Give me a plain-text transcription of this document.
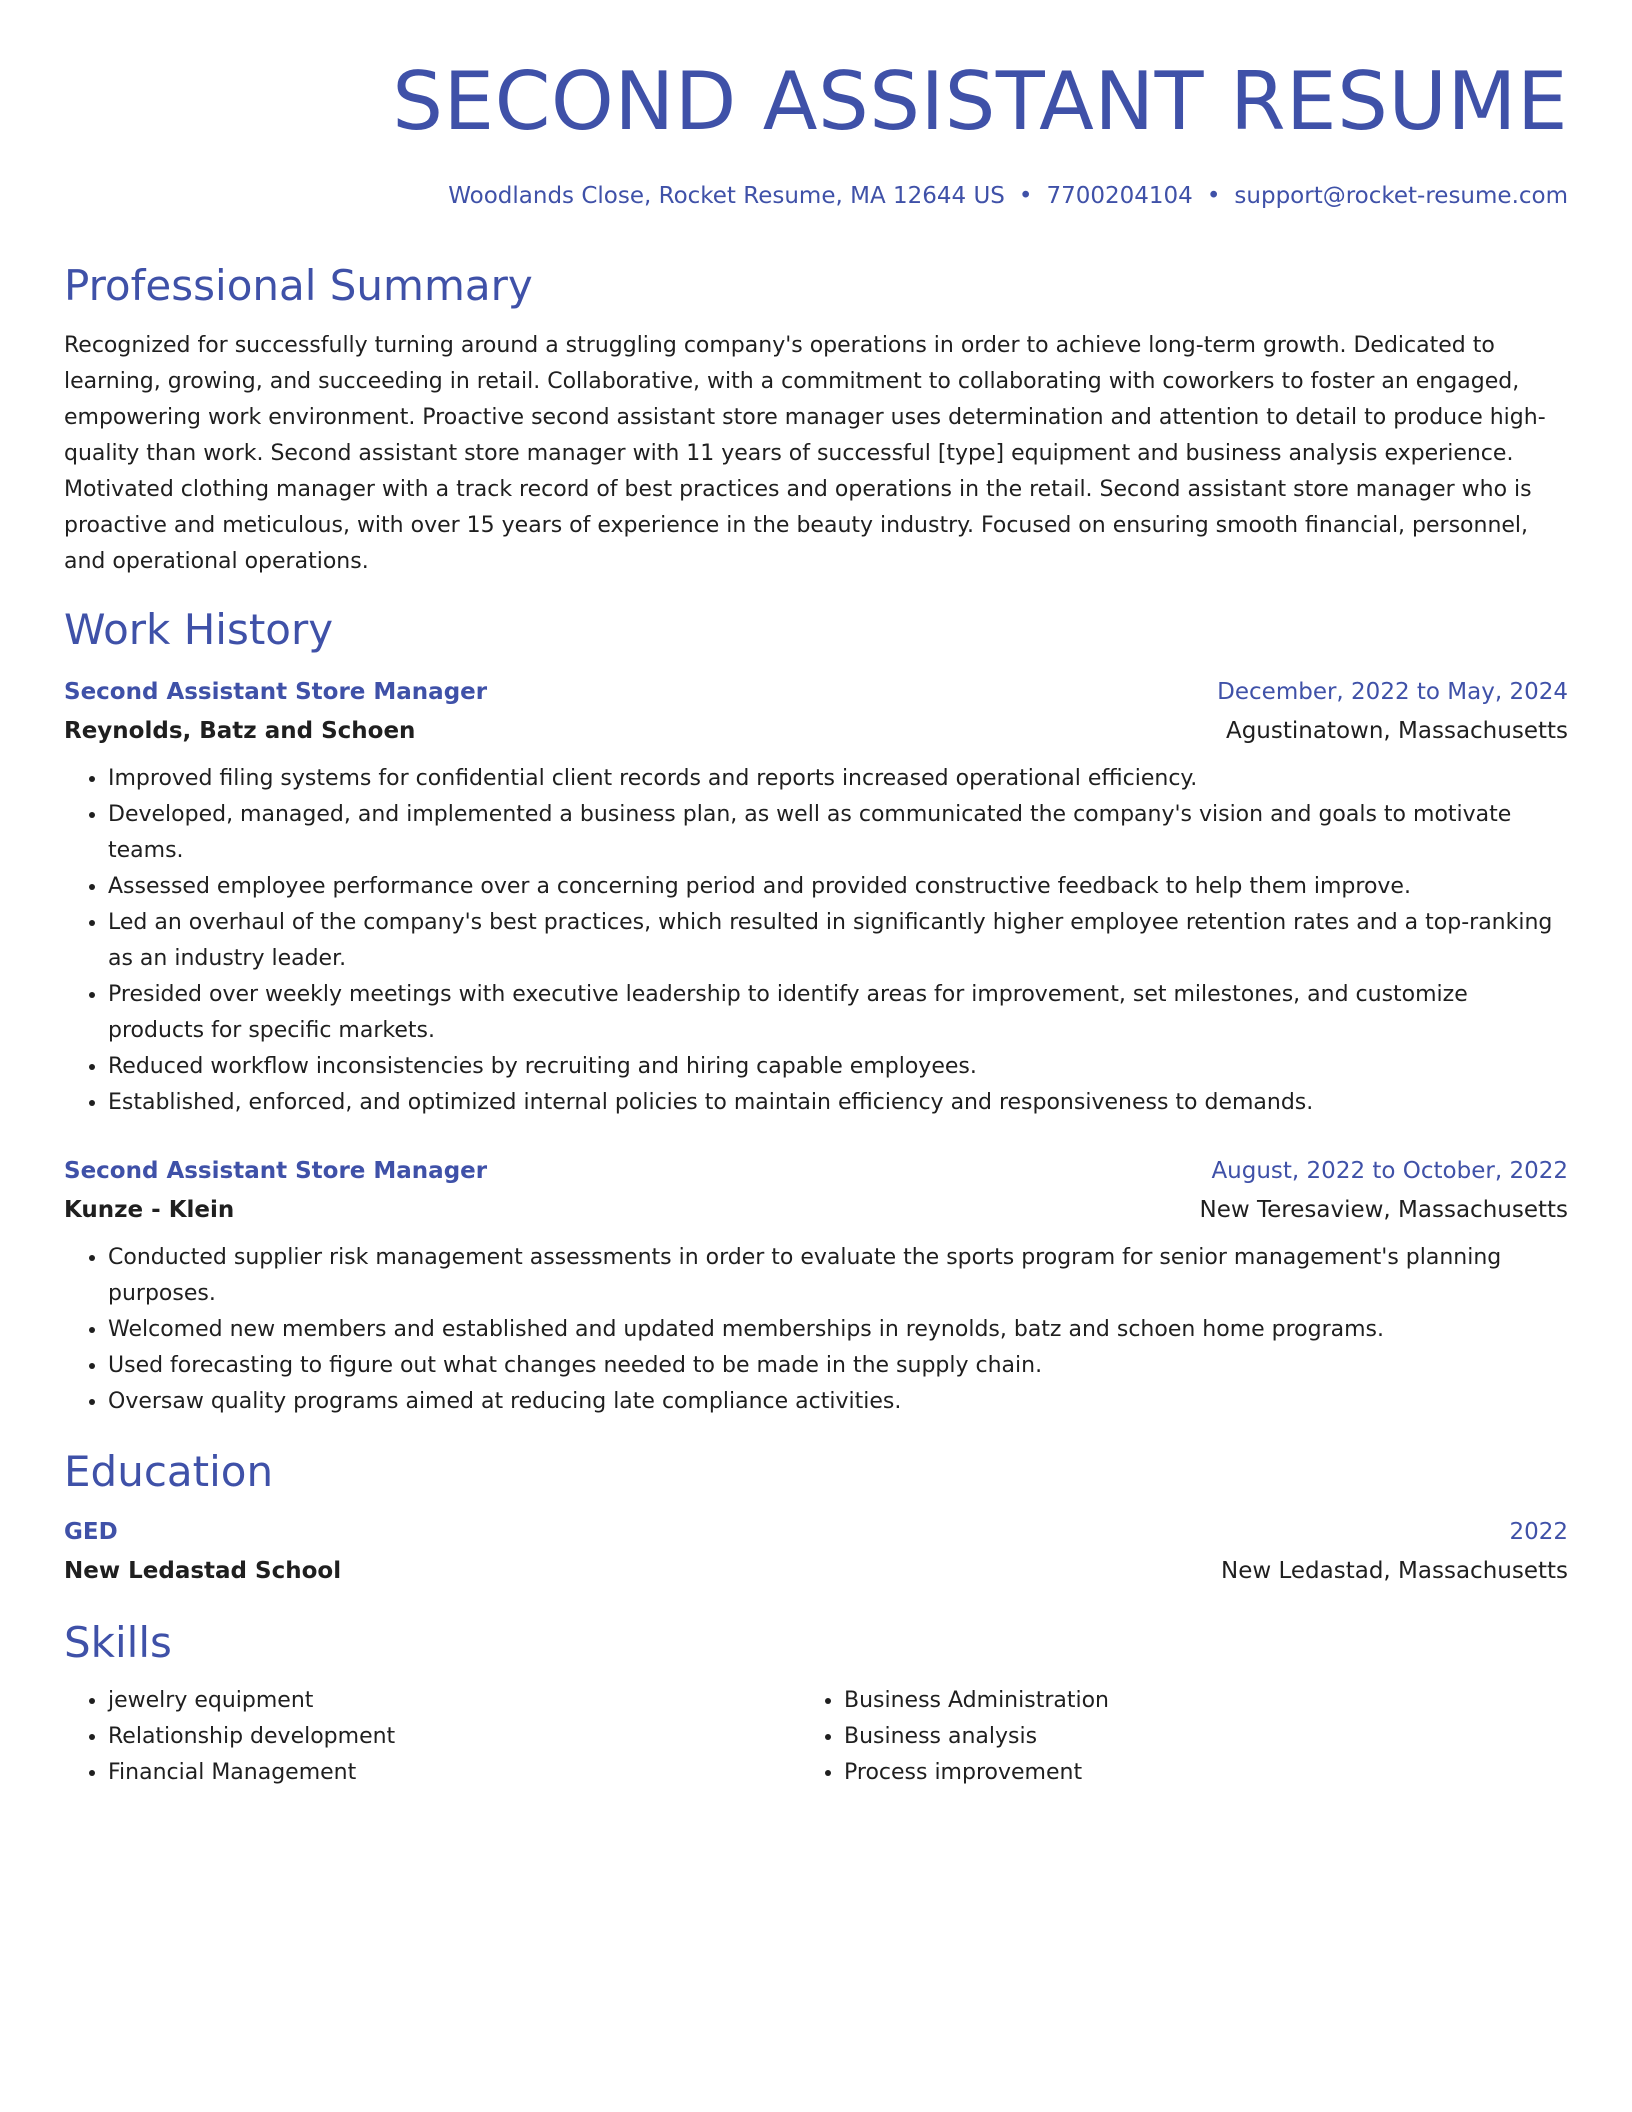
SECOND ASSISTANT RESUME
Woodlands Close, Rocket Resume, MA 12644 US • 7700204104 • support@rocket-resume.com
Professional Summary
Recognized for successfully turning around a struggling company's operations in order to achieve long-term growth. Dedicated to learning, growing, and succeeding in retail. Collaborative, with a commitment to collaborating with coworkers to foster an engaged, empowering work environment. Proactive second assistant store manager uses determination and attention to detail to produce high-quality than work. Second assistant store manager with 11 years of successful [type] equipment and business analysis experience. Motivated clothing manager with a track record of best practices and operations in the retail. Second assistant store manager who is proactive and meticulous, with over 15 years of experience in the beauty industry. Focused on ensuring smooth financial, personnel, and operational operations.
Work History
Second Assistant Store Manager	December, 2022 to May, 2024
Reynolds, Batz and Schoen	Agustinatown, Massachusetts
• Improved filing systems for confidential client records and reports increased operational efficiency.
• Developed, managed, and implemented a business plan, as well as communicated the company's vision and goals to motivate teams.
• Assessed employee performance over a concerning period and provided constructive feedback to help them improve.
• Led an overhaul of the company's best practices, which resulted in significantly higher employee retention rates and a top-ranking as an industry leader.
• Presided over weekly meetings with executive leadership to identify areas for improvement, set milestones, and customize products for specific markets.
• Reduced workflow inconsistencies by recruiting and hiring capable employees.
• Established, enforced, and optimized internal policies to maintain efficiency and responsiveness to demands.
Second Assistant Store Manager	August, 2022 to October, 2022
Kunze - Klein	New Teresaview, Massachusetts
• Conducted supplier risk management assessments in order to evaluate the sports program for senior management's planning purposes.
• Welcomed new members and established and updated memberships in reynolds, batz and schoen home programs.
• Used forecasting to figure out what changes needed to be made in the supply chain.
• Oversaw quality programs aimed at reducing late compliance activities.
Education
GED	2022
New Ledastad School	New Ledastad, Massachusetts
Skills
• jewelry equipment
• Relationship development
• Financial Management
• Business Administration
• Business analysis
• Process improvement
